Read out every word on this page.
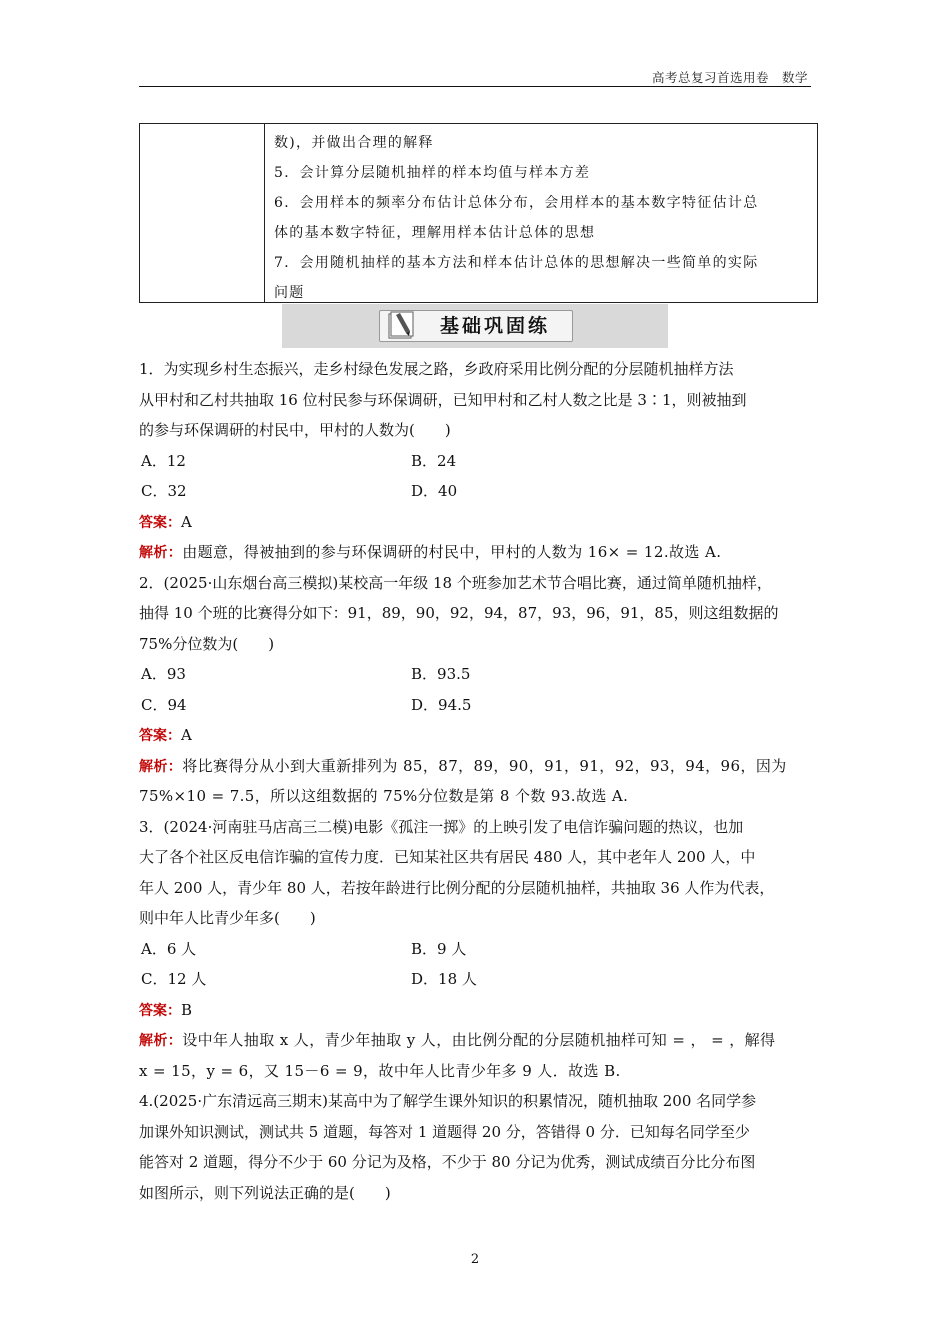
高考总复习首选用卷　数学
数)，并做出合理的解释
5．会计算分层随机抽样的样本均值与样本方差
6．会用样本的频率分布估计总体分布，会用样本的基本数字特征估计总
体的基本数字特征，理解用样本估计总体的思想
7．会用随机抽样的基本方法和样本估计总体的思想解决一些简单的实际
问题
基础巩固练
1．为实现乡村生态振兴，走乡村绿色发展之路，乡政府采用比例分配的分层随机抽样方法
从甲村和乙村共抽取 16 位村民参与环保调研，已知甲村和乙村人数之比是 3∶1，则被抽到
的参与环保调研的村民中，甲村的人数为(　　)
A．12	B．24
C．32	D．40
答案：A
解析：由题意，得被抽到的参与环保调研的村民中，甲村的人数为 16× = 12.故选 A.
2．(2025·山东烟台高三模拟)某校高一年级 18 个班参加艺术节合唱比赛，通过简单随机抽样，
抽得 10 个班的比赛得分如下：91，89，90，92，94，87，93，96，91，85，则这组数据的
75%分位数为(　　)
A．93	B．93.5
C．94	D．94.5
答案：A
解析：将比赛得分从小到大重新排列为 85，87，89，90，91，91，92，93，94，96，因为
75%×10 = 7.5，所以这组数据的 75%分位数是第 8 个数 93.故选 A.
3．(2024·河南驻马店高三二模)电影《孤注一掷》的上映引发了电信诈骗问题的热议，也加
大了各个社区反电信诈骗的宣传力度．已知某社区共有居民 480 人，其中老年人 200 人，中
年人 200 人，青少年 80 人，若按年龄进行比例分配的分层随机抽样，共抽取 36 人作为代表，
则中年人比青少年多(　　)
A．6 人	B．9 人
C．12 人	D．18 人
答案：B
解析：设中年人抽取 x 人，青少年抽取 y 人，由比例分配的分层随机抽样可知 = ， = ，解得
x = 15，y = 6，又 15－6 = 9，故中年人比青少年多 9 人．故选 B.
4.(2025·广东清远高三期末)某高中为了解学生课外知识的积累情况，随机抽取 200 名同学参
加课外知识测试，测试共 5 道题，每答对 1 道题得 20 分，答错得 0 分．已知每名同学至少
能答对 2 道题，得分不少于 60 分记为及格，不少于 80 分记为优秀，测试成绩百分比分布图
如图所示，则下列说法正确的是(　　)
2
